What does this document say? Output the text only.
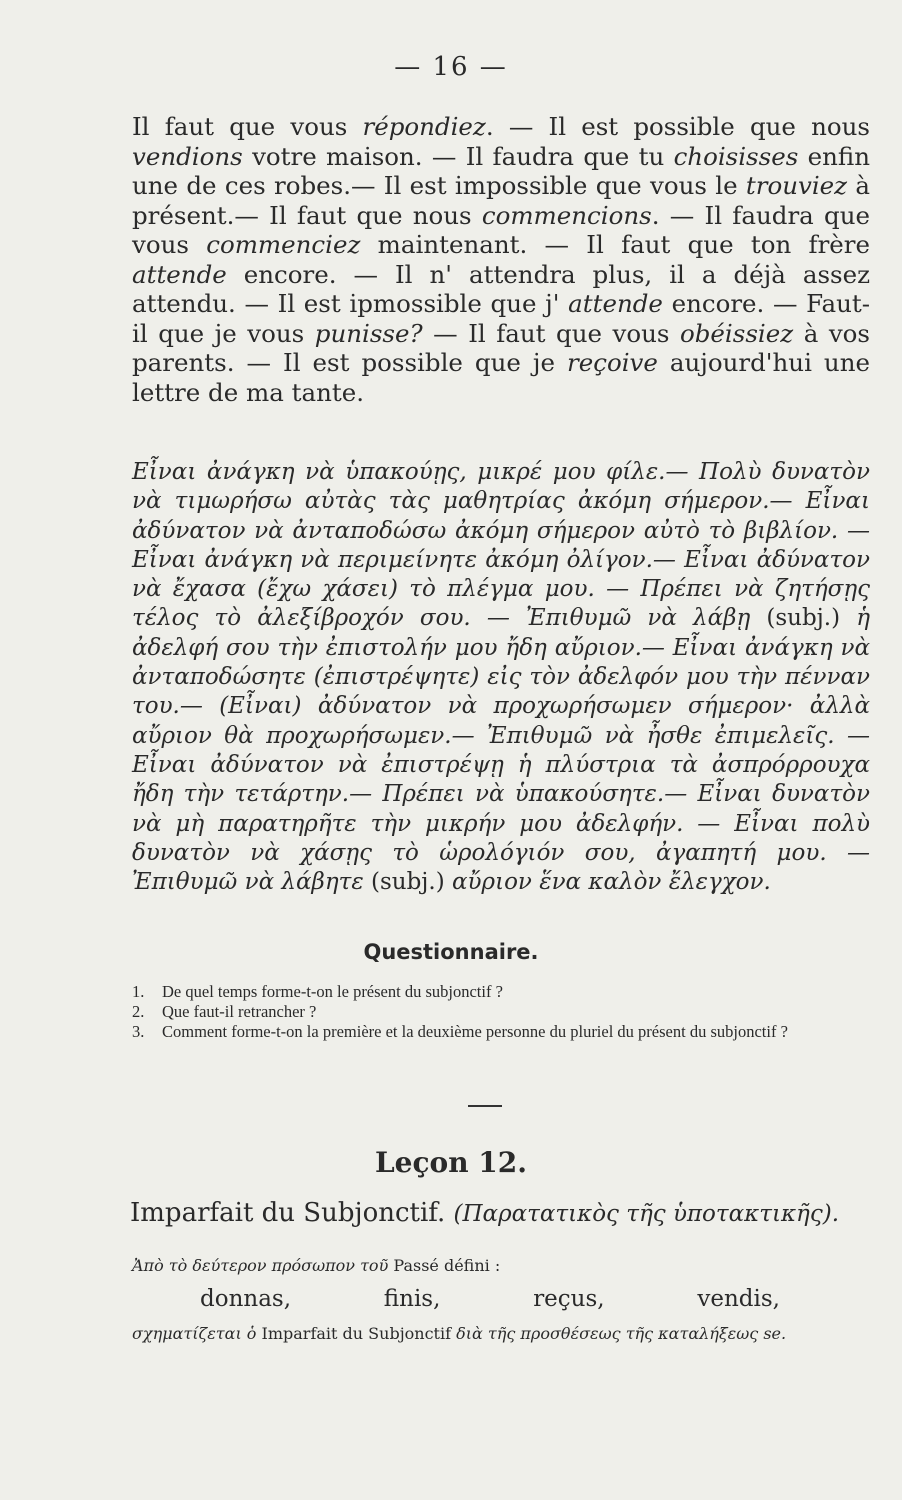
— 16 —
Il faut que vous répondiez. — Il est possible que nous vendions votre maison. — Il faudra que tu choisisses enfin une de ces robes.— Il est impossible que vous le trouviez à présent.— Il faut que nous commencions. — Il faudra que vous commenciez maintenant. — Il faut que ton frère attende encore. — Il n' attendra plus, il a déjà assez attendu. — Il est ipmossible que j' attende encore. — Faut-il que je vous punisse? — Il faut que vous obéissiez à vos parents. — Il est possible que je reçoive aujourd'hui une lettre de ma tante.
Εἶναι ἀνάγκη νὰ ὑπακούῃς, μικρέ μου φίλε.— Πολὺ δυνατὸν νὰ τιμωρήσω αὐτὰς τὰς μαθητρίας ἀκόμη σήμερον.— Εἶναι ἀδύνατον νὰ ἀνταποδώσω ἀκόμη σήμερον αὐτὸ τὸ βιβλίον. — Εἶναι ἀνάγκη νὰ περιμείνητε ἀκόμη ὀλίγον.— Εἶναι ἀδύνατον νὰ ἔχασα (ἔχω χάσει) τὸ πλέγμα μου. — Πρέπει νὰ ζητήσῃς τέλος τὸ ἀλεξίβροχόν σου. — Ἐπιθυμῶ νὰ λάβῃ (subj.) ἡ ἀδελφή σου τὴν ἐπιστολήν μου ἤδη αὔριον.— Εἶναι ἀνάγκη νὰ ἀνταποδώσητε (ἐπιστρέψητε) εἰς τὸν ἀδελφόν μου τὴν πένναν του.— (Εἶναι) ἀδύνατον νὰ προχωρήσωμεν σήμερον· ἀλλὰ αὔριον θὰ προχωρήσωμεν.— Ἐπιθυμῶ νὰ ἦσθε ἐπιμελεῖς. — Εἶναι ἀδύνατον νὰ ἐπιστρέψῃ ἡ πλύστρια τὰ ἀσπρόρρουχα ἤδη τὴν τετάρτην.— Πρέπει νὰ ὑπακούσητε.— Εἶναι δυνατὸν νὰ μὴ παρατηρῆτε τὴν μικρήν μου ἀδελφήν. — Εἶναι πολὺ δυνατὸν νὰ χάσῃς τὸ ὡρολόγιόν σου, ἀγαπητή μου. — Ἐπιθυμῶ νὰ λάβητε (subj.) αὔριον ἕνα καλὸν ἔλεγχον.
Questionnaire.
1.	De quel temps forme-t-on le présent du subjonctif ?
2.	Que faut-il retrancher ?
3.	Comment forme-t-on la première et la deuxième personne du pluriel du présent du subjonctif ?
Leçon 12.
Imparfait du Subjonctif. (Παρατατικὸς τῆς ὑποτακτικῆς).
Ἀπὸ τὸ δεύτερον πρόσωπον τοῦ Passé défini :
donnas,	finis,	reçus,	vendis,
σχηματίζεται ὁ Imparfait du Subjonctif διὰ τῆς προσθέσεως τῆς καταλήξεως se.
